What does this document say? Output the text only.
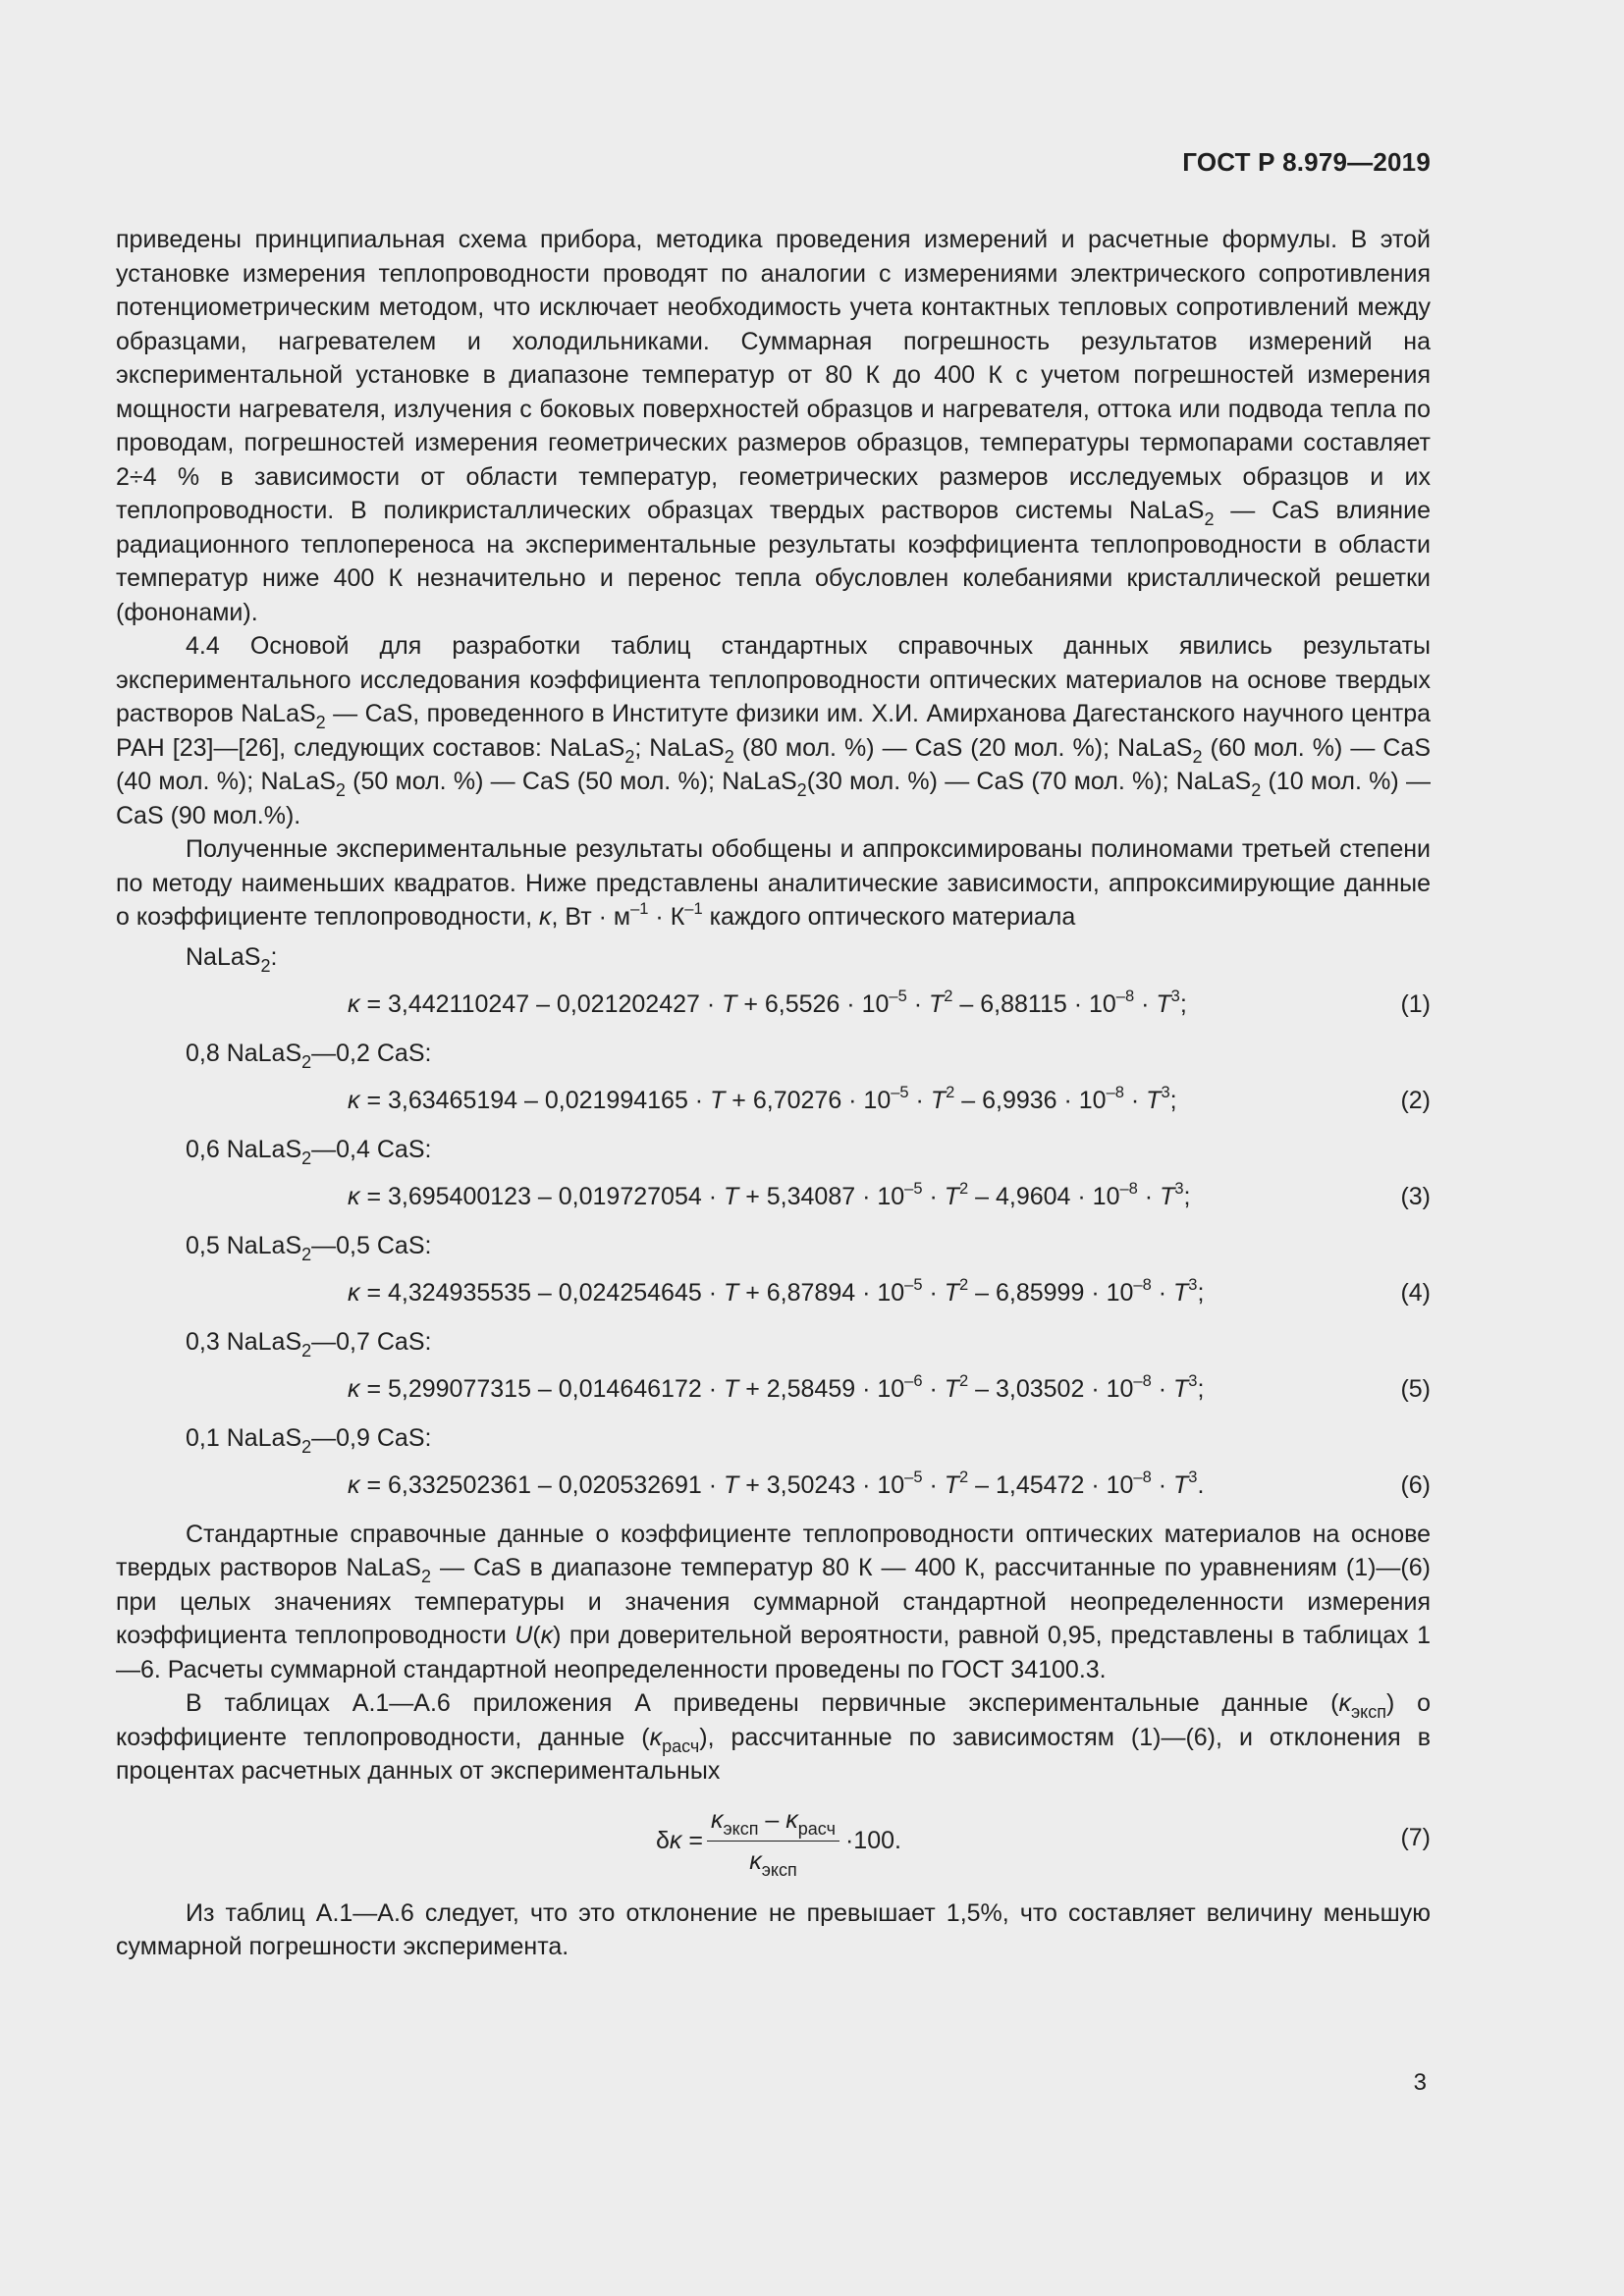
ГОСТ Р 8.979—2019

приведены принципиальная схема прибора, методика проведения измерений и расчетные формулы. В этой установке измерения теплопроводности проводят по аналогии с измерениями электрического сопротивления потенциометрическим методом, что исключает необходимость учета контактных тепловых сопротивлений между образцами, нагревателем и холодильниками. Суммарная погрешность результатов измерений на экспериментальной установке в диапазоне температур от 80 К до 400 К с учетом погрешностей измерения мощности нагревателя, излучения с боковых поверхностей образцов и нагревателя, оттока или подвода тепла по проводам, погрешностей измерения геометрических размеров образцов, температуры термопарами составляет 2÷4 % в зависимости от области температур, геометрических размеров исследуемых образцов и их теплопроводности. В поликристаллических образцах твердых растворов системы NaLaS$_2$ — CaS влияние радиационного теплопереноса на экспериментальные результаты коэффициента теплопроводности в области температур ниже 400 К незначительно и перенос тепла обусловлен колебаниями кристаллической решетки (фононами).

4.4 Основой для разработки таблиц стандартных справочных данных явились результаты экспериментального исследования коэффициента теплопроводности оптических материалов на основе твердых растворов NaLaS$_2$ — CaS, проведенного в Институте физики им. Х.И. Амирханова Дагестанского научного центра РАН [23]—[26], следующих составов: NaLaS$_2$; NaLaS$_2$ (80 мол. %) — CaS (20 мол. %); NaLaS$_2$ (60 мол. %) — CaS (40 мол. %); NaLaS$_2$ (50 мол. %) — CaS (50 мол. %); NaLaS$_2$(30 мол. %) — CaS (70 мол. %); NaLaS$_2$ (10 мол. %) — CaS (90 мол.%).

Полученные экспериментальные результаты обобщены и аппроксимированы полиномами третьей степени по методу наименьших квадратов. Ниже представлены аналитические зависимости, аппроксимирующие данные о коэффициенте теплопроводности, κ, Вт · $м^{-1} \cdot К^{-1}$ каждого оптического материала

NaLaS$_2$:
$\kappa = 3,442110247 - 0,021202427 \cdot T + 6,5526 \cdot 10^{-5} \cdot T^2 - 6,88115 \cdot 10^{-8} \cdot T^3$;	(1)
0,8 NaLaS$_2$—0,2 CaS:
$\kappa = 3,63465194 - 0,021994165 \cdot T + 6,70276 \cdot 10^{-5} \cdot T^2 - 6,9936 \cdot 10^{-8} \cdot T^3$;	(2)
0,6 NaLaS$_2$—0,4 CaS:
$\kappa = 3,695400123 - 0,019727054 \cdot T + 5,34087 \cdot 10^{-5} \cdot T^2 - 4,9604 \cdot 10^{-8} \cdot T^3$;	(3)
0,5 NaLaS$_2$—0,5 CaS:
$\kappa = 4,324935535 - 0,024254645 \cdot T + 6,87894 \cdot 10^{-5} \cdot T^2 - 6,85999 \cdot 10^{-8} \cdot T^3$;	(4)
0,3 NaLaS$_2$—0,7 CaS:
$\kappa = 5,299077315 - 0,014646172 \cdot T + 2,58459 \cdot 10^{-6} \cdot T^2 - 3,03502 \cdot 10^{-8} \cdot T^3$;	(5)
0,1 NaLaS$_2$—0,9 CaS:
$\kappa = 6,332502361 - 0,020532691 \cdot T + 3,50243 \cdot 10^{-5} \cdot T^2 - 1,45472 \cdot 10^{-8} \cdot T^3$.	(6)

Стандартные справочные данные о коэффициенте теплопроводности оптических материалов на основе твердых растворов NaLaS$_2$ — CaS в диапазоне температур 80 К — 400 К, рассчитанные по уравнениям (1)—(6) при целых значениях температуры и значения суммарной стандартной неопределенности измерения коэффициента теплопроводности U(κ) при доверительной вероятности, равной 0,95, представлены в таблицах 1—6. Расчеты суммарной стандартной неопределенности проведены по ГОСТ 34100.3.

В таблицах А.1—А.6 приложения А приведены первичные экспериментальные данные $(\kappa_{эксп})$ о коэффициенте теплопроводности, данные $(\kappa_{расч})$, рассчитанные по зависимостям (1)—(6), и отклонения в процентах расчетных данных от экспериментальных

$\delta\kappa = \frac{\kappa_{эксп} - \kappa_{расч}}{\kappa_{эксп}} \cdot 100$.	(7)

Из таблиц А.1—А.6 следует, что это отклонение не превышает 1,5%, что составляет величину меньшую суммарной погрешности эксперимента.

3
